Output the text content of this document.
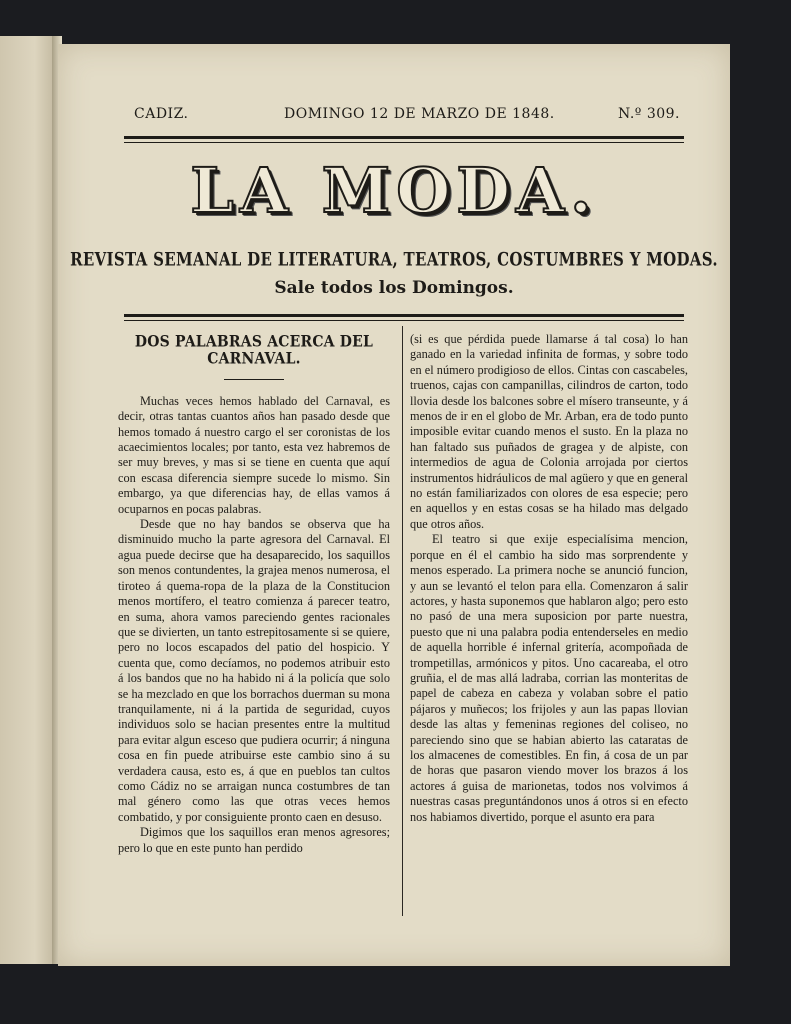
CADIZ.	DOMINGO 12 DE MARZO DE 1848.	N.º 309.
LA MODA.
REVISTA SEMANAL DE LITERATURA, TEATROS, COSTUMBRES Y MODAS.
Sale todos los Domingos.
DOS PALABRAS ACERCA DEL CARNAVAL.

Muchas veces hemos hablado del Carnaval, es decir, otras tantas cuantos años han pasado desde que hemos tomado á nuestro cargo el ser coronistas de los acaecimientos locales; por tanto, esta vez habremos de ser muy breves, y mas si se tiene en cuenta que aquí con escasa diferencia siempre sucede lo mismo. Sin embargo, ya que diferencias hay, de ellas vamos á ocuparnos en pocas palabras.

Desde que no hay bandos se observa que ha disminuido mucho la parte agresora del Carnaval. El agua puede decirse que ha desaparecido, los saquillos son menos contundentes, la grajea menos numerosa, el tiroteo á quema-ropa de la plaza de la Constitucion menos mortífero, el teatro comienza á parecer teatro, en suma, ahora vamos pareciendo gentes racionales que se divierten, un tanto estrepitosamente si se quiere, pero no locos escapados del patio del hospicio. Y cuenta que, como decíamos, no podemos atribuir esto á los bandos que no ha habido ni á la policía que solo se ha mezclado en que los borrachos duerman su mona tranquilamente, ni á la partida de seguridad, cuyos individuos solo se hacian presentes entre la multitud para evitar algun esceso que pudiera ocurrir; á ninguna cosa en fin puede atribuirse este cambio sino á su verdadera causa, esto es, á que en pueblos tan cultos como Cádiz no se arraigan nunca costumbres de tan mal género como las que otras veces hemos combatido, y por consiguiente pronto caen en desuso.

Digimos que los saquillos eran menos agresores; pero lo que en este punto han perdido

(si es que pérdida puede llamarse á tal cosa) lo han ganado en la variedad infinita de formas, y sobre todo en el número prodigioso de ellos. Cintas con cascabeles, truenos, cajas con campanillas, cilindros de carton, todo llovia desde los balcones sobre el mísero transeunte, y á menos de ir en el globo de Mr. Arban, era de todo punto imposible evitar cuando menos el susto. En la plaza no han faltado sus puñados de gragea y de alpiste, con intermedios de agua de Colonia arrojada por ciertos instrumentos hidráulicos de mal agüero y que en general no están familiarizados con olores de esa especie; pero en aquellos y en estas cosas se ha hilado mas delgado que otros años.

El teatro si que exije especialísima mencion, porque en él el cambio ha sido mas sorprendente y menos esperado. La primera noche se anunció funcion, y aun se levantó el telon para ella. Comenzaron á salir actores, y hasta suponemos que hablaron algo; pero esto no pasó de una mera suposicion por parte nuestra, puesto que ni una palabra podia entenderseles en medio de aquella horrible é infernal gritería, acompoñada de trompetillas, armónicos y pitos. Uno cacareaba, el otro gruñia, el de mas allá ladraba, corrian las monteritas de papel de cabeza en cabeza y volaban sobre el patio pájaros y muñecos; los frijoles y aun las papas llovian desde las altas y femeninas regiones del coliseo, no pareciendo sino que se habian abierto las cataratas de los almacenes de comestibles. En fin, á cosa de un par de horas que pasaron viendo mover los brazos á los actores á guisa de marionetas, todos nos volvimos á nuestras casas preguntándonos unos á otros si en efecto nos habiamos divertido, porque el asunto era para
